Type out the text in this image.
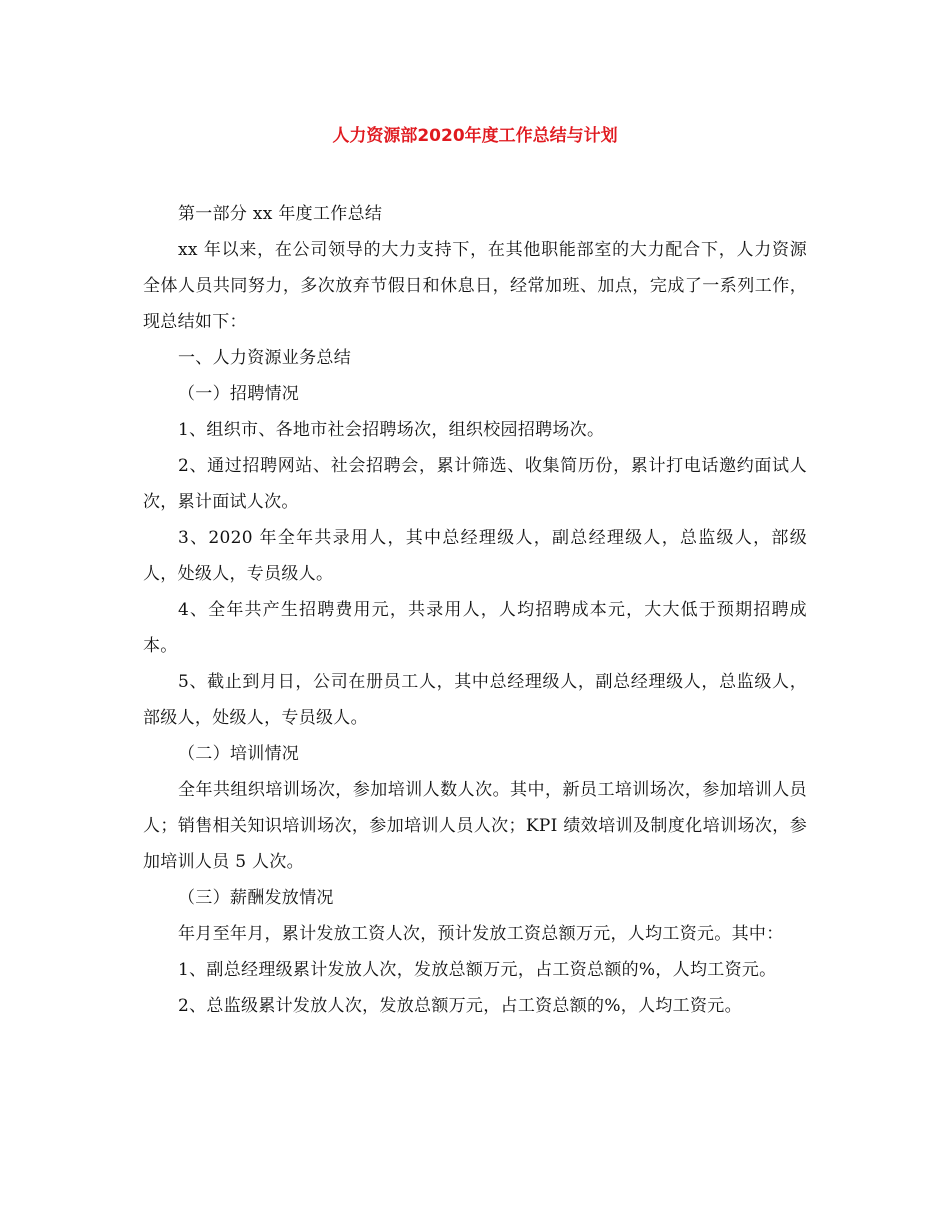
人力资源部2020年度工作总结与计划

第一部分 xx 年度工作总结

xx 年以来，在公司领导的大力支持下，在其他职能部室的大力配合下，人力资源全体人员共同努力，多次放弃节假日和休息日，经常加班、加点，完成了一系列工作，现总结如下：

一、人力资源业务总结

（一）招聘情况

1、组织市、各地市社会招聘场次，组织校园招聘场次。

2、通过招聘网站、社会招聘会，累计筛选、收集简历份，累计打电话邀约面试人次，累计面试人次。

3、2020 年全年共录用人，其中总经理级人，副总经理级人，总监级人，部级人，处级人，专员级人。

4、全年共产生招聘费用元，共录用人，人均招聘成本元，大大低于预期招聘成本。

5、截止到月日，公司在册员工人，其中总经理级人，副总经理级人，总监级人，部级人，处级人，专员级人。

（二）培训情况

全年共组织培训场次，参加培训人数人次。其中，新员工培训场次，参加培训人员人；销售相关知识培训场次，参加培训人员人次；KPI 绩效培训及制度化培训场次，参加培训人员 5 人次。

（三）薪酬发放情况

年月至年月，累计发放工资人次，预计发放工资总额万元，人均工资元。其中：

1、副总经理级累计发放人次，发放总额万元，占工资总额的%，人均工资元。

2、总监级累计发放人次，发放总额万元，占工资总额的%，人均工资元。
